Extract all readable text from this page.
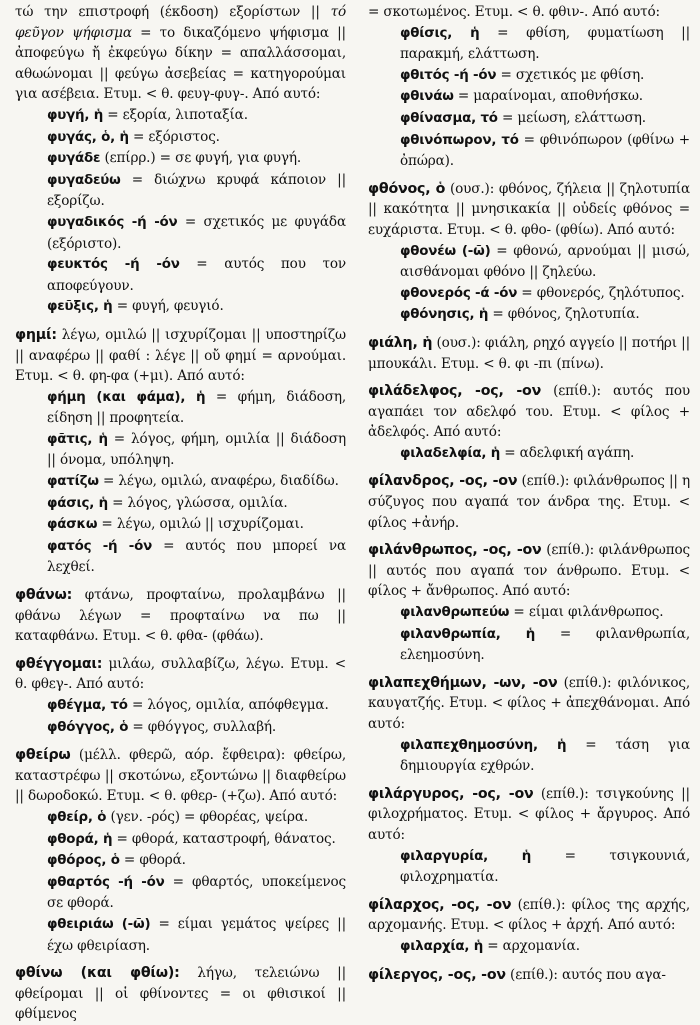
τώ την επιστροφή (έκδοση) εξορίστων || τό φεῦγον ψήφισμα = το δικαζόμενο ψήφισμα || ἀποφεύγω ἤ ἐκφεύγω δίκην = απαλλάσσομαι, αθωώνομαι || φεύγω ἀσεβείας = κατηγορούμαι για ασέβεια. Ετυμ. < θ. φευγ-φυγ-. Από αυτό:

φυγή, ἡ = εξορία, λιποταξία.

φυγάς, ὁ, ἡ = εξόριστος.

φυγάδε (επίρρ.) = σε φυγή, για φυγή.

φυγαδεύω = διώχνω κρυφά κάποιον || εξορίζω.

φυγαδικός -ή -όν = σχετικός με φυγάδα (εξόριστο).

φευκτός -ή -όν = αυτός που τον αποφεύγουν.

φεῦξις, ἡ = φυγή, φευγιό.

φημί: λέγω, ομιλώ || ισχυρίζομαι || υποστηρίζω || αναφέρω || φαθί : λέγε || οὔ φημί = αρνούμαι. Ετυμ. < θ. φη-φα (+μι). Από αυτό:

φήμη (και φάμα), ἡ = φήμη, διάδοση, είδηση || προφητεία.

φᾶτις, ἡ = λόγος, φήμη, ομιλία || διάδοση || όνομα, υπόληψη.

φατίζω = λέγω, ομιλώ, αναφέρω, διαδίδω.

φάσις, ἡ = λόγος, γλώσσα, ομιλία.

φάσκω = λέγω, ομιλώ || ισχυρίζομαι.

φατός -ή -όν = αυτός που μπορεί να λεχθεί.

φθάνω: φτάνω, προφταίνω, προλαμβάνω || φθάνω λέγων = προφταίνω να πω || καταφθάνω. Ετυμ. < θ. φθα- (φθάω).

φθέγγομαι: μιλάω, συλλαβίζω, λέγω. Ετυμ. < θ. φθεγ-. Από αυτό:

φθέγμα, τό = λόγος, ομιλία, απόφθεγμα.

φθόγγος, ὁ = φθόγγος, συλλαβή.

φθείρω (μέλλ. φθερῶ, αόρ. ἔφθειρα): φθείρω, καταστρέφω || σκοτώνω, εξοντώνω || διαφθείρω || δωροδοκώ. Ετυμ. < θ. φθερ- (+ζω). Από αυτό:

φθείρ, ὁ (γεν. -ρός) = φθορέας, ψείρα.

φθορά, ἡ = φθορά, καταστροφή, θάνατος.

φθόρος, ὁ = φθορά.

φθαρτός -ή -όν = φθαρτός, υποκείμενος σε φθορά.

φθειριάω (-ῶ) = είμαι γεμάτος ψείρες || έχω φθειρίαση.

φθίνω (και φθίω): λήγω, τελειώνω || φθείρομαι || οἱ φθίνοντες = οι φθισικοί || φθίμενος

= σκοτωμένος. Ετυμ. < θ. φθιν-. Από αυτό:

φθίσις, ἡ = φθίση, φυματίωση || παρακμή, ελάττωση.

φθιτός -ή -όν = σχετικός με φθίση.

φθινάω = μαραίνομαι, αποθνήσκω.

φθίνασμα, τό = μείωση, ελάττωση.

φθινόπωρον, τό = φθινόπωρον (φθίνω + ὀπώρα).

φθόνος, ὁ (ουσ.): φθόνος, ζήλεια || ζηλοτυπία || κακότητα || μνησικακία || οὐδείς φθόνος = ευχάριστα. Ετυμ. < θ. φθο- (φθίω). Από αυτό:

φθονέω (-ῶ) = φθονώ, αρνούμαι || μισώ, αισθάνομαι φθόνο || ζηλεύω.

φθονερός -ά -όν = φθονερός, ζηλότυπος.

φθόνησις, ἡ = φθόνος, ζηλοτυπία.

φιάλη, ἡ (ουσ.): φιάλη, ρηχό αγγείο || ποτήρι || μπουκάλι. Ετυμ. < θ. φι -πι (πίνω).

φιλάδελφος, -ος, -ον (επίθ.): αυτός που αγαπάει τον αδελφό του. Ετυμ. < φίλος + ἀδελφός. Από αυτό:

φιλαδελφία, ἡ = αδελφική αγάπη.

φίλανδρος, -ος, -ον (επίθ.): φιλάνθρωπος || η σύζυγος που αγαπά τον άνδρα της. Ετυμ. < φίλος +ἀνήρ.

φιλάνθρωπος, -ος, -ον (επίθ.): φιλάνθρωπος || αυτός που αγαπά τον άνθρωπο. Ετυμ. < φίλος + ἄνθρωπος. Από αυτό:

φιλανθρωπεύω = είμαι φιλάνθρωπος.

φιλανθρωπία, ἡ = φιλανθρωπία, ελεημοσύνη.

φιλαπεχθήμων, -ων, -ον (επίθ.): φιλόνικος, καυγατζής. Ετυμ. < φίλος + ἀπεχθάνομαι. Από αυτό:

φιλαπεχθημοσύνη, ἡ = τάση για δημιουργία εχθρών.

φιλάργυρος, -ος, -ον (επίθ.): τσιγκούνης || φιλοχρήματος. Ετυμ. < φίλος + ἄργυρος. Από αυτό:

φιλαργυρία, ἡ = τσιγκουνιά, φιλοχρηματία.

φίλαρχος, -ος, -ον (επίθ.): φίλος της αρχής, αρχομανής. Ετυμ. < φίλος + ἀρχή. Από αυτό:

φιλαρχία, ἡ = αρχομανία.

φίλεργος, -ος, -ον (επίθ.): αυτός που αγα-
